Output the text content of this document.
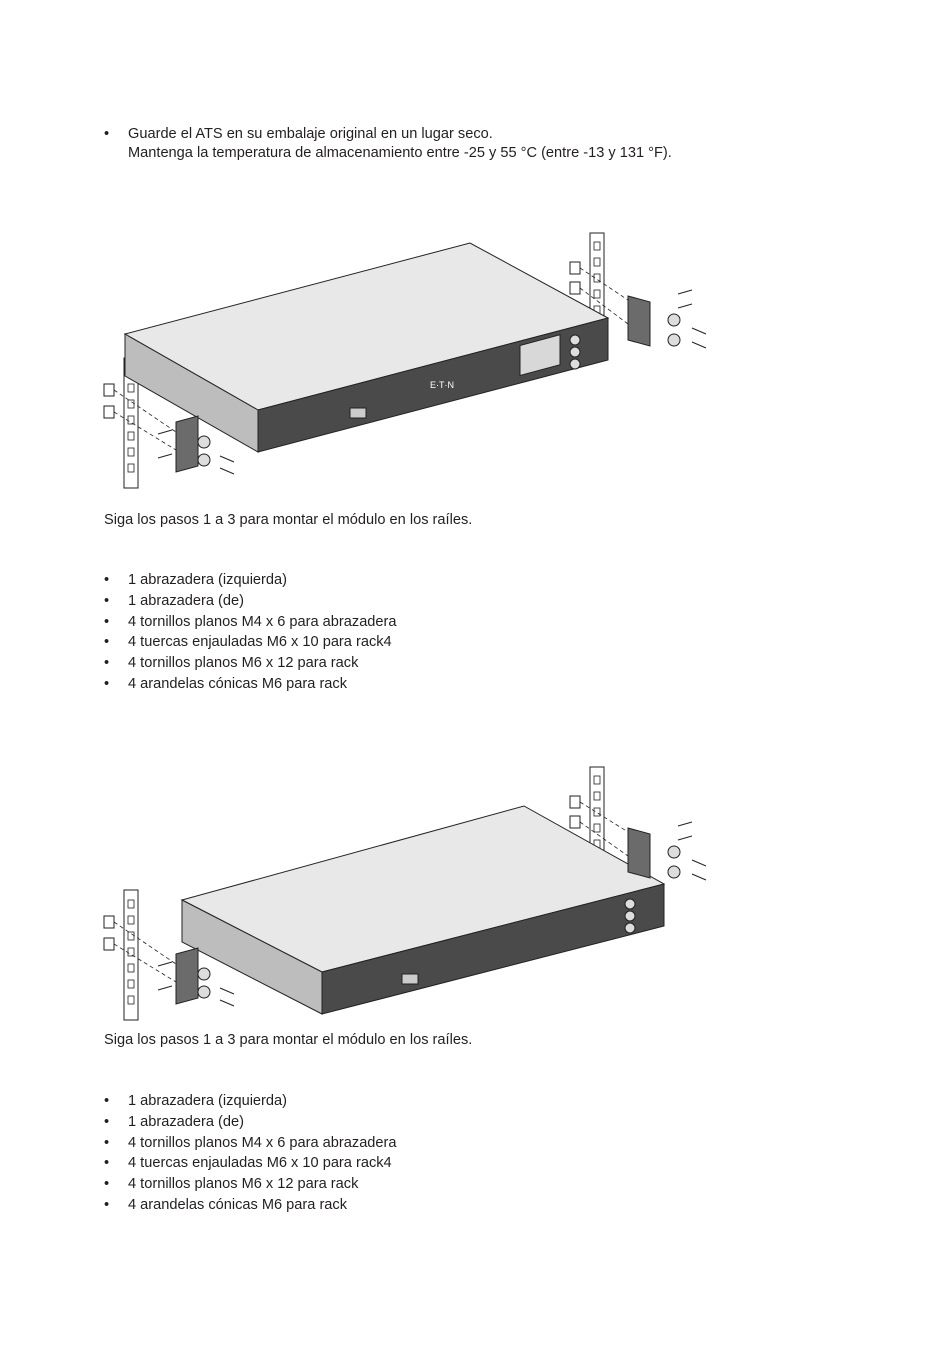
• Guarde el ATS en su embalaje original en un lugar seco.
Mantenga la temperatura de almacenamiento entre -25 y 55 °C (entre -13 y 131 °F).
E·T·N
Siga los pasos 1 a 3 para montar el módulo en los raíles.
• 1 abrazadera (izquierda)
• 1 abrazadera (de)
• 4 tornillos planos M4 x 6 para abrazadera
• 4 tuercas enjauladas M6 x 10 para rack4
• 4 tornillos planos M6 x 12 para rack
• 4 arandelas cónicas M6 para rack
Siga los pasos 1 a 3 para montar el módulo en los raíles.
• 1 abrazadera (izquierda)
• 1 abrazadera (de)
• 4 tornillos planos M4 x 6 para abrazadera
• 4 tuercas enjauladas M6 x 10 para rack4
• 4 tornillos planos M6 x 12 para rack
• 4 arandelas cónicas M6 para rack
